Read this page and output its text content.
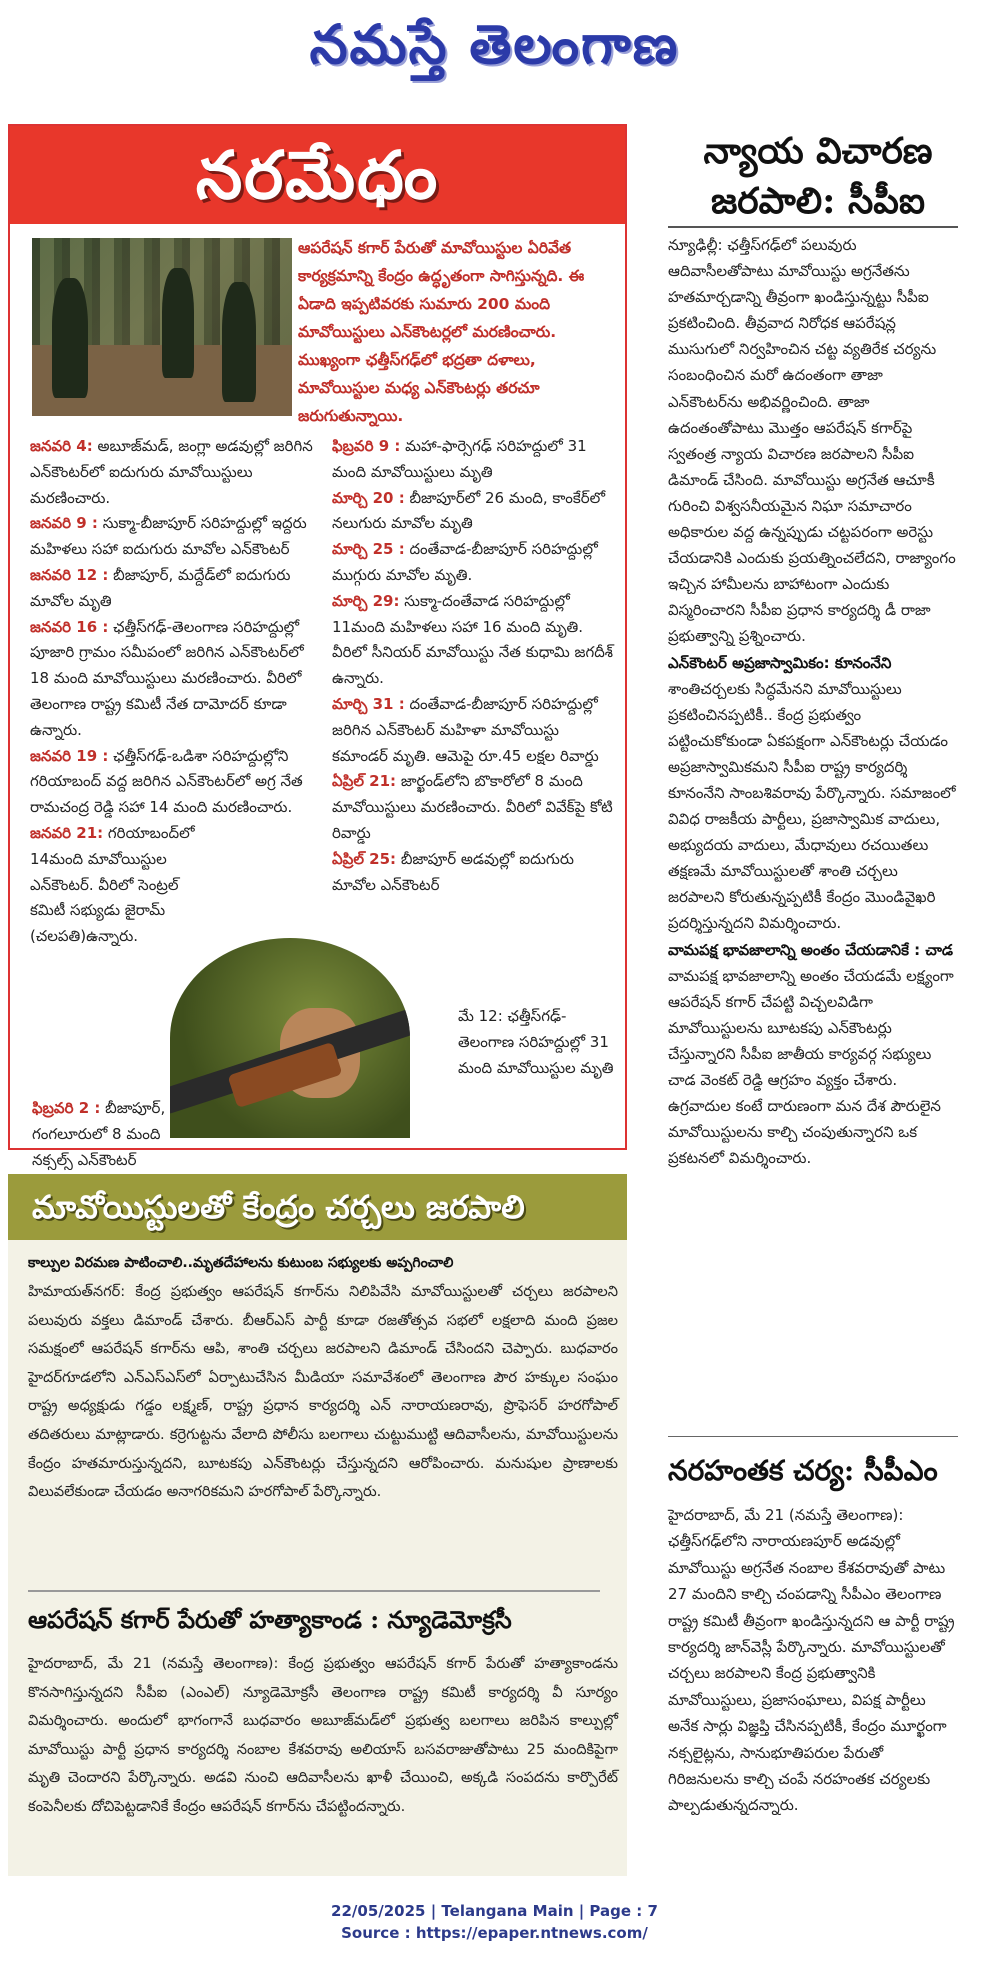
నమస్తే తెలంగాణ
నరమేధం
ఆపరేషన్ కగార్ పేరుతో మావోయిస్టుల ఏరివేత కార్యక్రమాన్ని కేంద్రం ఉద్ధృతంగా సాగిస్తున్నది. ఈ ఏడాది ఇప్పటివరకు సుమారు 200 మంది మావోయిస్టులు ఎన్‌కౌంటర్లలో మరణించారు. ముఖ్యంగా ఛత్తీస్‌గఢ్‌లో భద్రతా దళాలు, మావోయిస్టుల మధ్య ఎన్‌కౌంటర్లు తరచూ జరుగుతున్నాయి.

జనవరి 4: అబూజ్‌మడ్, జంగ్లా అడవుల్లో జరిగిన ఎన్‌కౌంటర్‌లో ఐదుగురు మావోయిస్టులు మరణించారు.

జనవరి 9 : సుక్మా-బీజాపూర్ సరిహద్దుల్లో ఇద్దరు మహిళలు సహా ఐదుగురు మావోల ఎన్‌కౌంటర్

జనవరి 12 : బీజాపూర్, మద్దేడ్‌లో ఐదుగురు మావోల మృతి

జనవరి 16 : ఛత్తీస్‌గఢ్-తెలంగాణ సరిహద్దుల్లో పూజారి గ్రామం సమీపంలో జరిగిన ఎన్‌కౌంటర్‌లో 18 మంది మావోయిస్టులు మరణించారు. వీరిలో తెలంగాణ రాష్ట్ర కమిటీ నేత దామోదర్ కూడా ఉన్నారు.

జనవరి 19 : ఛత్తీస్‌గఢ్-ఒడిశా సరిహద్దుల్లోని గరియాబంద్ వద్ద జరిగిన ఎన్‌కౌంటర్‌లో అగ్ర నేత రామచంద్ర రెడ్డి సహా 14 మంది మరణించారు.

జనవరి 21: గరియాబంద్‌లో 14మంది మావోయిస్టుల ఎన్‌కౌంటర్. వీరిలో సెంట్రల్ కమిటీ సభ్యుడు జైరామ్ (చలపతి)ఉన్నారు.

ఫిబ్రవరి 9 : మహా-ఫార్సెగఢ్ సరిహద్దులో 31 మంది మావోయిస్టులు మృతి

మార్చి 20 : బీజాపూర్‌లో 26 మంది, కాంకేర్‌లో నలుగురు మావోల మృతి

మార్చి 25 : దంతేవాడ-బీజాపూర్ సరిహద్దుల్లో ముగ్గురు మావోల మృతి.

మార్చి 29: సుక్మా-దంతేవాడ సరిహద్దుల్లో 11మంది మహిళలు సహా 16 మంది మృతి. వీరిలో సీనియర్ మావోయిస్టు నేత కుధామి జగదీశ్ ఉన్నారు.

మార్చి 31 : దంతేవాడ-బీజాపూర్ సరిహద్దుల్లో జరిగిన ఎన్‌కౌంటర్ మహిళా మావోయిస్టు కమాండర్ మృతి. ఆమెపై రూ.45 లక్షల రివార్డు

ఏప్రిల్ 21: జార్ఖండ్‌లోని బొకారోలో 8 మంది మావోయిస్టులు మరణించారు. వీరిలో వివేక్‌పై కోటి రివార్డు

ఏప్రిల్ 25: బీజాపూర్ అడవుల్లో ఐదుగురు మావోల ఎన్‌కౌంటర్

ఫిబ్రవరి 2 : బీజాపూర్, గంగలూరులో 8 మంది నక్సల్స్ ఎన్‌కౌంటర్

మే 12: ఛత్తీస్‌గఢ్-తెలంగాణ సరిహద్దుల్లో 31 మంది మావోయిస్టుల మృతి

న్యాయ విచారణ
జరపాలి: సీపీఐ

న్యూఢిల్లీ: ఛత్తీస్‌గఢ్‌లో పలువురు ఆదివాసీలతోపాటు మావోయిస్టు అగ్రనేతను హతమార్చడాన్ని తీవ్రంగా ఖండిస్తున్నట్టు సీపీఐ ప్రకటించింది. తీవ్రవాద నిరోధక ఆపరేషన్ల ముసుగులో నిర్వహించిన చట్ట వ్యతిరేక చర్యను సంబంధించిన మరో ఉదంతంగా తాజా ఎన్‌కౌంటర్‌ను అభివర్ణించింది. తాజా ఉదంతంతోపాటు మొత్తం ఆపరేషన్ కగార్‌పై స్వతంత్ర న్యాయ విచారణ జరపాలని సీపీఐ డిమాండ్ చేసింది. మావోయిస్టు అగ్రనేత ఆచూకీ గురించి విశ్వసనీయమైన నిఘా సమాచారం అధికారుల వద్ద ఉన్నప్పుడు చట్టపరంగా అరెస్టు చేయడానికి ఎందుకు ప్రయత్నించలేదని, రాజ్యాంగం ఇచ్చిన హామీలను బాహాటంగా ఎందుకు విస్మరించారని సీపీఐ ప్రధాన కార్యదర్శి డీ రాజా ప్రభుత్వాన్ని ప్రశ్నించారు.

ఎన్‌కౌంటర్ అప్రజాస్వామికం: కూనంనేని శాంతిచర్చలకు సిద్ధమేనని మావోయిస్టులు ప్రకటించినప్పటికీ.. కేంద్ర ప్రభుత్వం పట్టించుకోకుండా ఏకపక్షంగా ఎన్‌కౌంటర్లు చేయడం అప్రజాస్వామికమని సీపీఐ రాష్ట్ర కార్యదర్శి కూనంనేని సాంబశివరావు పేర్కొన్నారు. సమాజంలో వివిధ రాజకీయ పార్టీలు, ప్రజాస్వామిక వాదులు, అభ్యుదయ వాదులు, మేధావులు రచయితలు తక్షణమే మావోయిస్టులతో శాంతి చర్చలు జరపాలని కోరుతున్నప్పటికీ కేంద్రం మొండివైఖరి ప్రదర్శిస్తున్నదని విమర్శించారు.

వామపక్ష భావజాలాన్ని అంతం చేయడానికే : చాడ

వామపక్ష భావజాలాన్ని అంతం చేయడమే లక్ష్యంగా ఆపరేషన్ కగార్ చేపట్టి విచ్చలవిడిగా మావోయిస్టులను బూటకపు ఎన్‌కౌంటర్లు చేస్తున్నారని సీపీఐ జాతీయ కార్యవర్గ సభ్యులు చాడ వెంకట్ రెడ్డి ఆగ్రహం వ్యక్తం చేశారు. ఉగ్రవాదుల కంటే దారుణంగా మన దేశ పౌరులైన మావోయిస్టులను కాల్చి చంపుతున్నారని ఒక ప్రకటనలో విమర్శించారు.

నరహంతక చర్య: సీపీఎం
హైదరాబాద్, మే 21 (నమస్తే తెలంగాణ): ఛత్తీస్‌గఢ్‌లోని నారాయణపూర్ అడవుల్లో మావోయిస్టు అగ్రనేత నంబాల కేశవరావుతో పాటు 27 మందిని కాల్చి చంపడాన్ని సీపీఎం తెలంగాణ రాష్ట్ర కమిటీ తీవ్రంగా ఖండిస్తున్నదని ఆ పార్టీ రాష్ట్ర కార్యదర్శి జాన్‌వెస్లీ పేర్కొన్నారు. మావోయిస్టులతో చర్చలు జరపాలని కేంద్ర ప్రభుత్వానికి మావోయిస్టులు, ప్రజాసంఘాలు, విపక్ష పార్టీలు అనేక సార్లు విజ్ఞప్తి చేసినప్పటికీ, కేంద్రం మూర్ఖంగా నక్సలైట్లను, సానుభూతిపరుల పేరుతో గిరిజనులను కాల్చి చంపే నరహంతక చర్యలకు పాల్పడుతున్నదన్నారు.
మావోయిస్టులతో కేంద్రం చర్చలు జరపాలి
కాల్పుల విరమణ పాటించాలి..మృతదేహాలను కుటుంబ సభ్యులకు అప్పగించాలి
హిమాయత్‌నగర్: కేంద్ర ప్రభుత్వం ఆపరేషన్ కగార్‌ను నిలిపివేసి మావోయిస్టులతో చర్చలు జరపాలని పలువురు వక్తలు డిమాండ్ చేశారు. బీఆర్‌ఎస్ పార్టీ కూడా రజతోత్సవ సభలో లక్షలాది మంది ప్రజల సమక్షంలో ఆపరేషన్ కగార్‌ను ఆపి, శాంతి చర్చలు జరపాలని డిమాండ్ చేసిందని చెప్పారు. బుధవారం హైదర్‌గూడలోని ఎన్‌ఎస్‌ఎస్‌లో ఏర్పాటుచేసిన మీడియా సమావేశంలో తెలంగాణ పౌర హక్కుల సంఘం రాష్ట్ర అధ్యక్షుడు గడ్డం లక్ష్మణ్, రాష్ట్ర ప్రధాన కార్యదర్శి ఎన్ నారాయణరావు, ప్రొఫెసర్ హరగోపాల్ తదితరులు మాట్లాడారు. కర్రెగుట్టను వేలాది పోలీసు బలగాలు చుట్టుముట్టి ఆదివాసీలను, మావోయిస్టులను కేంద్రం హతమారుస్తున్నదని, బూటకపు ఎన్‌కౌంటర్లు చేస్తున్నదని ఆరోపించారు. మనుషుల ప్రాణాలకు విలువలేకుండా చేయడం అనాగరికమని హరగోపాల్ పేర్కొన్నారు.
ఆపరేషన్ కగార్ పేరుతో హత్యాకాండ : న్యూడెమోక్రసీ
హైదరాబాద్, మే 21 (నమస్తే తెలంగాణ): కేంద్ర ప్రభుత్వం ఆపరేషన్ కగార్ పేరుతో హత్యాకాండను కొనసాగిస్తున్నదని సీపీఐ (ఎంఎల్) న్యూడెమోక్రసీ తెలంగాణ రాష్ట్ర కమిటీ కార్యదర్శి వీ సూర్యం విమర్శించారు. అందులో భాగంగానే బుధవారం అబూజ్‌మడ్‌లో ప్రభుత్వ బలగాలు జరిపిన కాల్పుల్లో మావోయిస్టు పార్టీ ప్రధాన కార్యదర్శి నంబాల కేశవరావు అలియాస్ బసవరాజుతోపాటు 25 మందికిపైగా మృతి చెందారని పేర్కొన్నారు. అడవి నుంచి ఆదివాసీలను ఖాళీ చేయించి, అక్కడి సంపదను కార్పొరేట్ కంపెనీలకు దోచిపెట్టడానికే కేంద్రం ఆపరేషన్ కగార్‌ను చేపట్టిందన్నారు.
22/05/2025 | Telangana Main | Page : 7
Source : https://epaper.ntnews.com/
